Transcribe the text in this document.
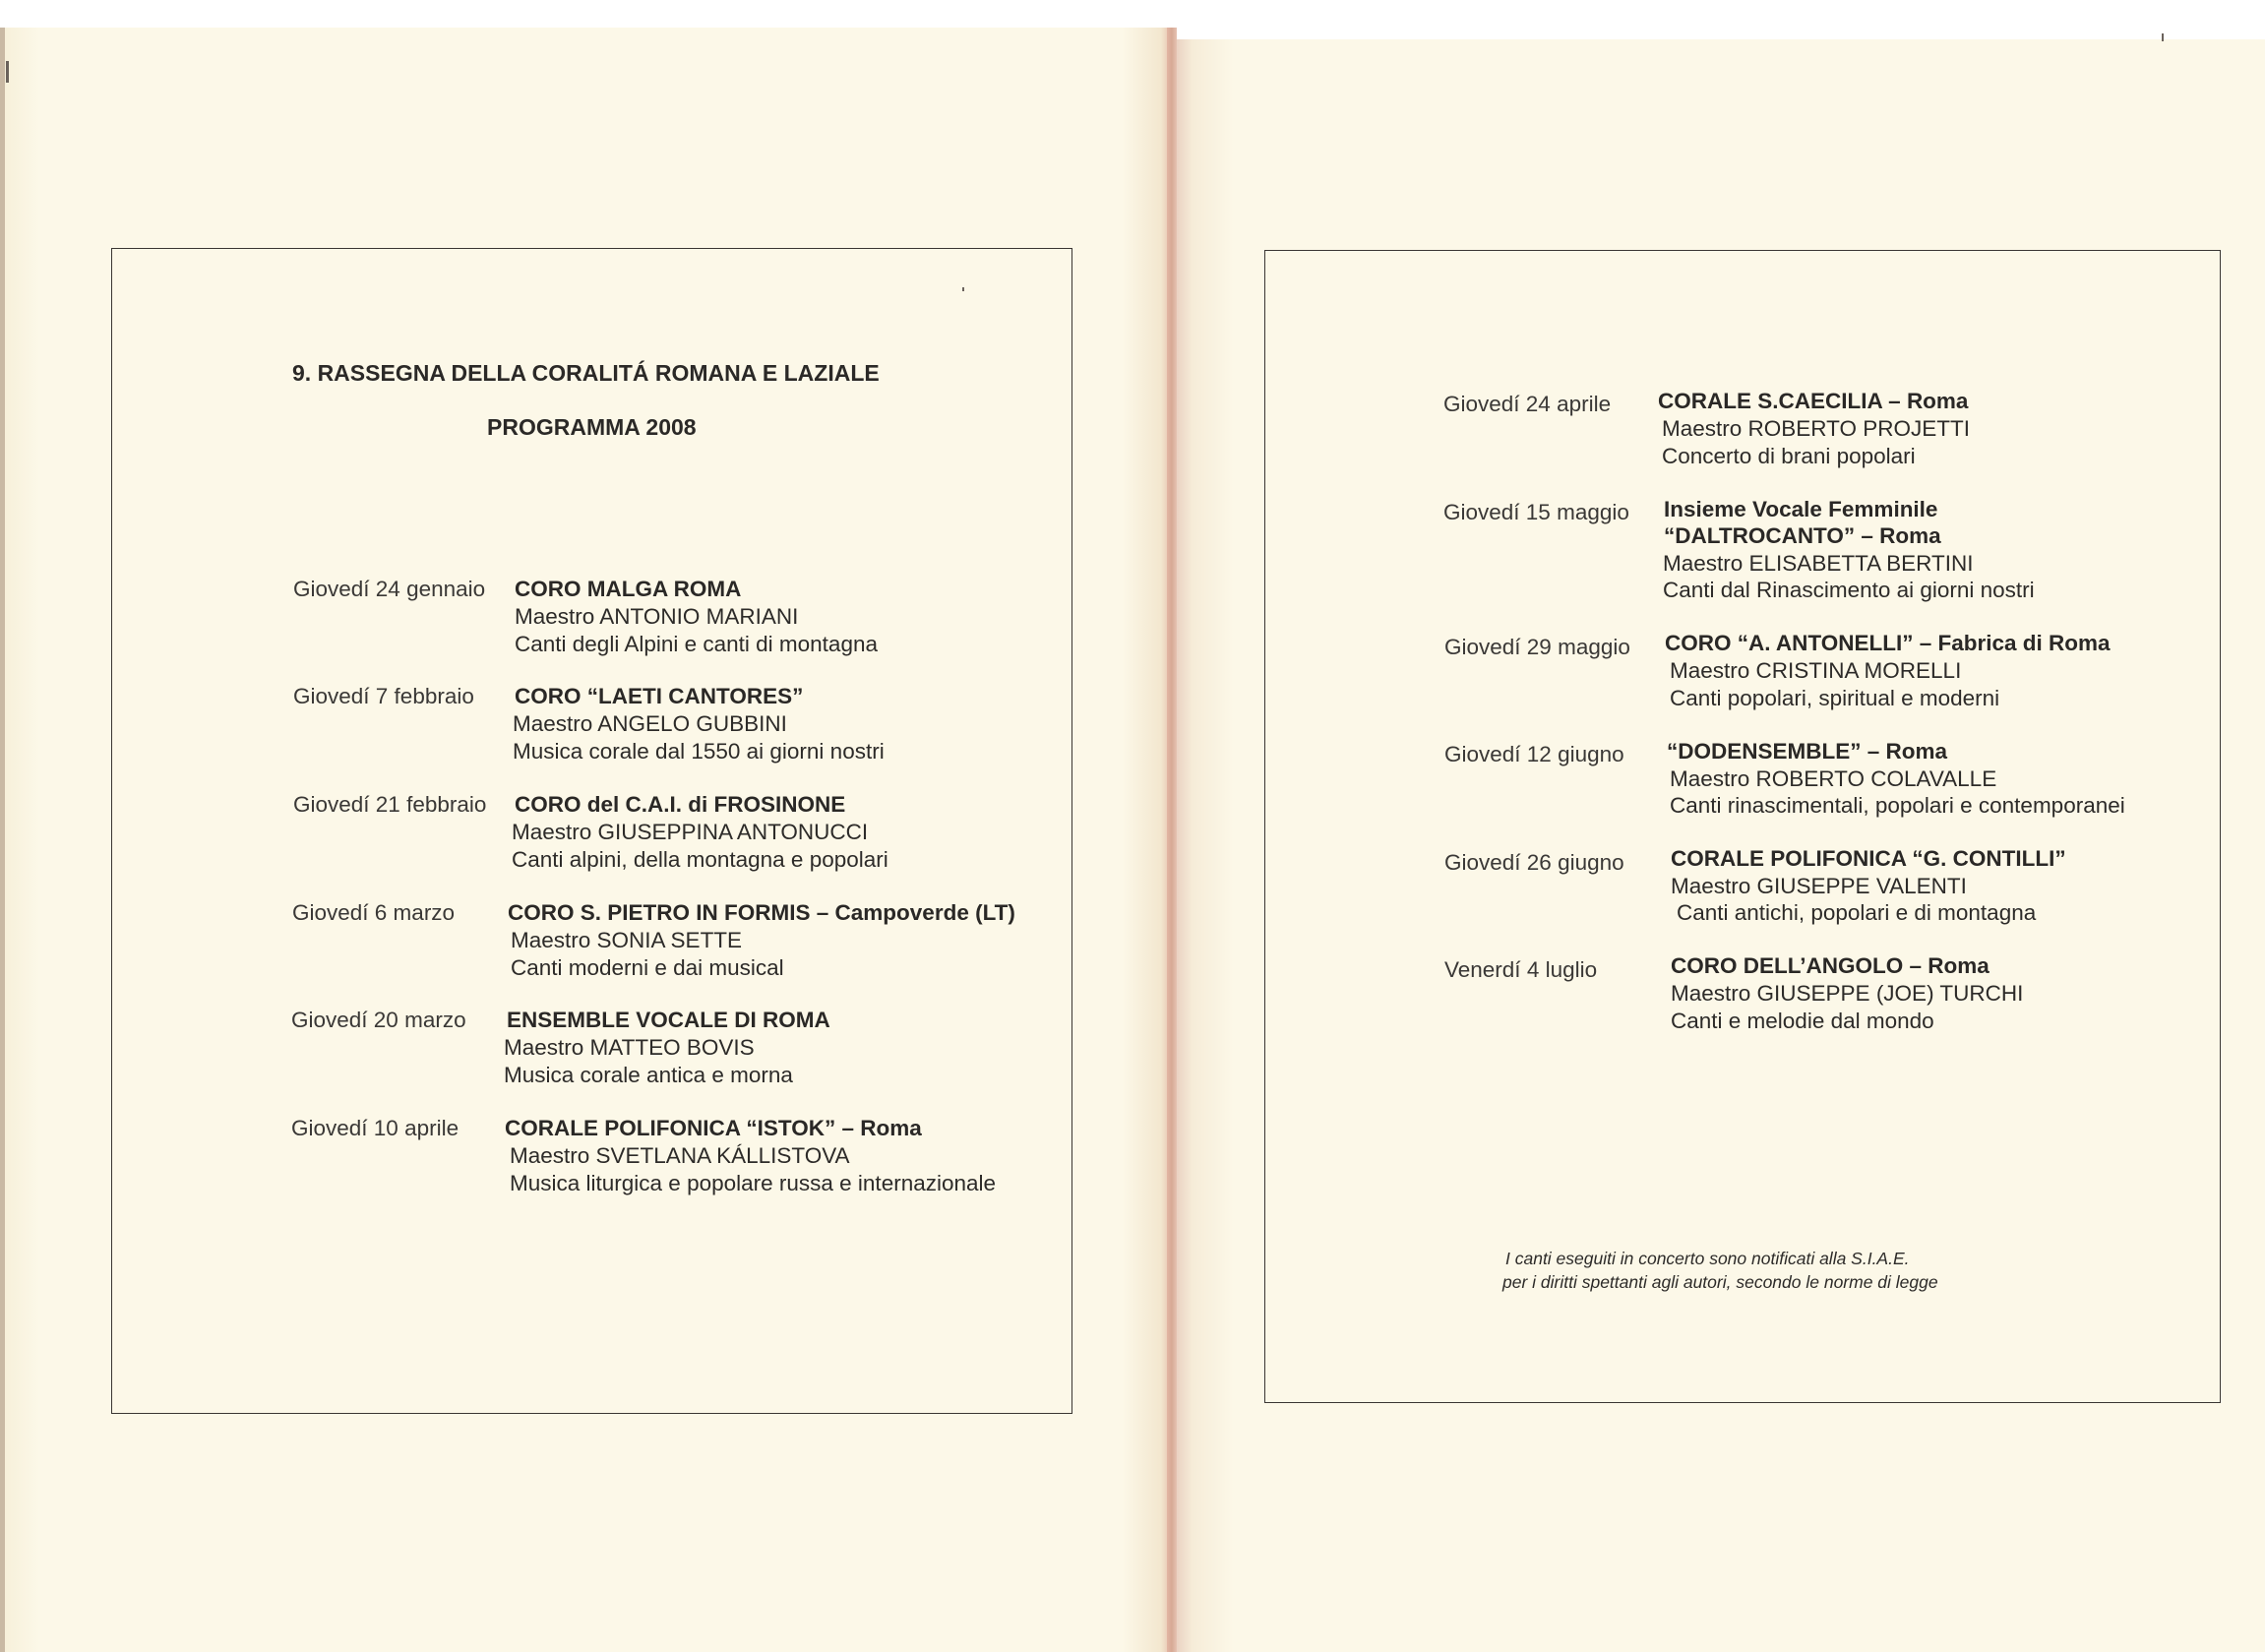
9. RASSEGNA DELLA CORALITÁ ROMANA E LAZIALE
PROGRAMMA 2008
Giovedí 24 gennaio CORO MALGA ROMA
Maestro ANTONIO MARIANI
Canti degli Alpini e canti di montagna
Giovedí 7 febbraio CORO “LAETI CANTORES”
Maestro ANGELO GUBBINI
Musica corale dal 1550 ai giorni nostri
Giovedí 21 febbraio CORO del C.A.I. di FROSINONE
Maestro GIUSEPPINA ANTONUCCI
Canti alpini, della montagna e popolari
Giovedí 6 marzo CORO S. PIETRO IN FORMIS – Campoverde (LT)
Maestro SONIA SETTE
Canti moderni e dai musical
Giovedí 20 marzo ENSEMBLE VOCALE DI ROMA
Maestro MATTEO BOVIS
Musica corale antica e morna
Giovedí 10 aprile CORALE POLIFONICA “ISTOK” – Roma
Maestro SVETLANA KÁLLISTOVA
Musica liturgica e popolare russa e internazionale
Giovedí 24 aprile CORALE S.CAECILIA – Roma
Maestro ROBERTO PROJETTI
Concerto di brani popolari
Giovedí 15 maggio Insieme Vocale Femminile
“DALTROCANTO” – Roma
Maestro ELISABETTA BERTINI
Canti dal Rinascimento ai giorni nostri
Giovedí 29 maggio CORO “A. ANTONELLI” – Fabrica di Roma
Maestro CRISTINA MORELLI
Canti popolari, spiritual e moderni
Giovedí 12 giugno “DODENSEMBLE” – Roma
Maestro ROBERTO COLAVALLE
Canti rinascimentali, popolari e contemporanei
Giovedí 26 giugno CORALE POLIFONICA “G. CONTILLI”
Maestro GIUSEPPE VALENTI
Canti antichi, popolari e di montagna
Venerdí 4 luglio	CORO DELL’ANGOLO – Roma
Maestro GIUSEPPE (JOE) TURCHI
Canti e melodie dal mondo
I canti eseguiti in concerto sono notificati alla S.I.A.E.
per i diritti spettanti agli autori, secondo le norme di legge
